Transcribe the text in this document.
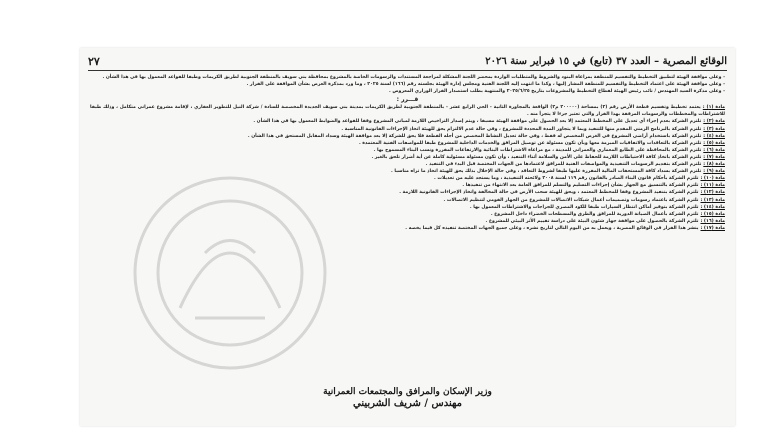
الوقائع المصرية – العدد ٣٧ (تابع) في ١٥ فبراير سنة ٢٠٢٦
٢٧

- وعلى موافقة الهيئة لتطبيق التخطيط والتقسيم للمنطقة بمراعاة البنود والشروط والمتطلبات الواردة بمحضر اللجنة المشكلة لمراجعة المستندات والرسومات الخاصة بالمشروع بمحافظة بني سويف بالمنطقة الجنوبية لطريق الكريمات وطبقا للقواعد المعمول بها في هذا الشأن .

- وعلى موافقة الهيئة على اعتماد التخطيط والتقسيم للمنطقة المشار إليها ، وكذا ما انتهت إليه اللجنة الفنية ومجلس إدارة الهيئة بجلسته رقم (١٦٦) لسنة ٢٠٢٥ ، وما ورد بمذكرة العرض بشأن الموافقة على القرار .

- وعلى مذكرة السيد المهندس / نائب رئيس الهيئة لقطاع التخطيط والمشروعات بتاريخ ٢٠٢٥/٦/٢٥ والمنتهية بطلب استصدار القرار الوزاري المعروض .

قـــرر :

مادة (١) :يعتمد تخطيط وتقسيم قطعة الأرض رقم (٢) بمساحة (٢٠٠٠٠٠ م٢) الواقعة بالمجاورة الثانية - الحي الرابع عشر - بالمنطقة الجنوبية لطريق الكريمات بمدينة بني سويف الجديدة المخصصة للسادة / شركة النيل للتطوير العقاري ، لإقامة مشروع عمراني متكامل ، وذلك طبقا للاشتراطات والمخططات والرسومات المرفقة بهذا القرار والتي تعتبر جزءا لا يتجزأ منه .

مادة (٢) :تلتزم الشركة بعدم إجراء أي تعديل على المخطط المعتمد إلا بعد الحصول على موافقة الهيئة مسبقا ، ويتم إصدار التراخيص اللازمة لمباني المشروع وفقا للقواعد والضوابط المعمول بها في هذا الشأن .

مادة (٣) :تلتزم الشركة بالبرنامج الزمني المقدم منها للتنفيذ وبما لا يتجاوز المدة المحددة للمشروع ، وفي حالة عدم الالتزام يحق للهيئة اتخاذ الإجراءات القانونية المناسبة .

مادة (٤) :تلتزم الشركة باستخدام أراضي المشروع في الغرض المخصص له فقط ، وفي حالة تعديل النشاط المخصص من أجله القطعة فلا يحق للشركة إلا بعد موافقة الهيئة وسداد المقابل المستحق في هذا الشأن .

مادة (٥) :تلتزم الشركة بالتعاقدات والاتفاقيات المبرمة معها وبأن تكون مسئولة عن توصيل المرافق والخدمات الداخلية للمشروع طبقا للمواصفات الفنية المعتمدة .

مادة (٦) :تلتزم الشركة بالمحافظة على الطابع المعماري والعمراني للمدينة ، مع مراعاة الاشتراطات البنائية والارتفاعات المقررة ونسب البناء المسموح بها .

مادة (٧) :تلتزم الشركة باتخاذ كافة الاحتياطات اللازمة للحفاظ على الأمن والسلامة أثناء التنفيذ ، وأن تكون مسئولة مسئولية كاملة عن أية أضرار تلحق بالغير .

مادة (٨) :تلتزم الشركة بتقديم الرسومات التنفيذية والمواصفات الفنية للمرافق لاعتمادها من الجهات المختصة قبل البدء في التنفيذ .

مادة (٩) :تلتزم الشركة بسداد كافة المستحقات المالية المقررة عليها طبقا لشروط التعاقد ، وفي حالة الإخلال بذلك يحق للهيئة اتخاذ ما تراه مناسبا .

مادة (١٠) :تلتزم الشركة بأحكام قانون البناء الصادر بالقانون رقم ١١٩ لسنة ٢٠٠٨ ولائحته التنفيذية ، وما يستجد عليه من تعديلات .

مادة (١١) :تلتزم الشركة بالتنسيق مع الجهاز بشأن إجراءات التسليم والتسلم للمرافق العامة بعد الانتهاء من تنفيذها .

مادة (١٢) :تلتزم الشركة بتنفيذ المشروع وفقا للمخطط المعتمد ، ويحق للهيئة سحب الأرض في حالة المخالفة واتخاذ الإجراءات القانونية اللازمة .

مادة (١٣) :تلتزم الشركة باعتماد رسومات وتصميمات أعمال شبكات الاتصالات للمشروع من الجهاز القومي لتنظيم الاتصالات .

مادة (١٤) :تلتزم الشركة بتوفير أماكن انتظار السيارات طبقا للكود المصري للجراجات والاشتراطات المعمول بها .

مادة (١٥) :تلتزم الشركة بأعمال الصيانة الدورية للمرافق والطرق والمسطحات الخضراء داخل المشروع .

مادة (١٦) :تلتزم الشركة بالحصول على موافقة جهاز شئون البيئة على دراسة تقييم الأثر البيئي للمشروع .

مادة (١٧) :ينشر هذا القرار في الوقائع المصرية ، ويعمل به من اليوم التالي لتاريخ نشره ، وعلى جميع الجهات المختصة تنفيذه كل فيما يخصه .

وزير الإسكان والمرافق والمجتمعات العمرانية
مهندس / شريف الشربيني
